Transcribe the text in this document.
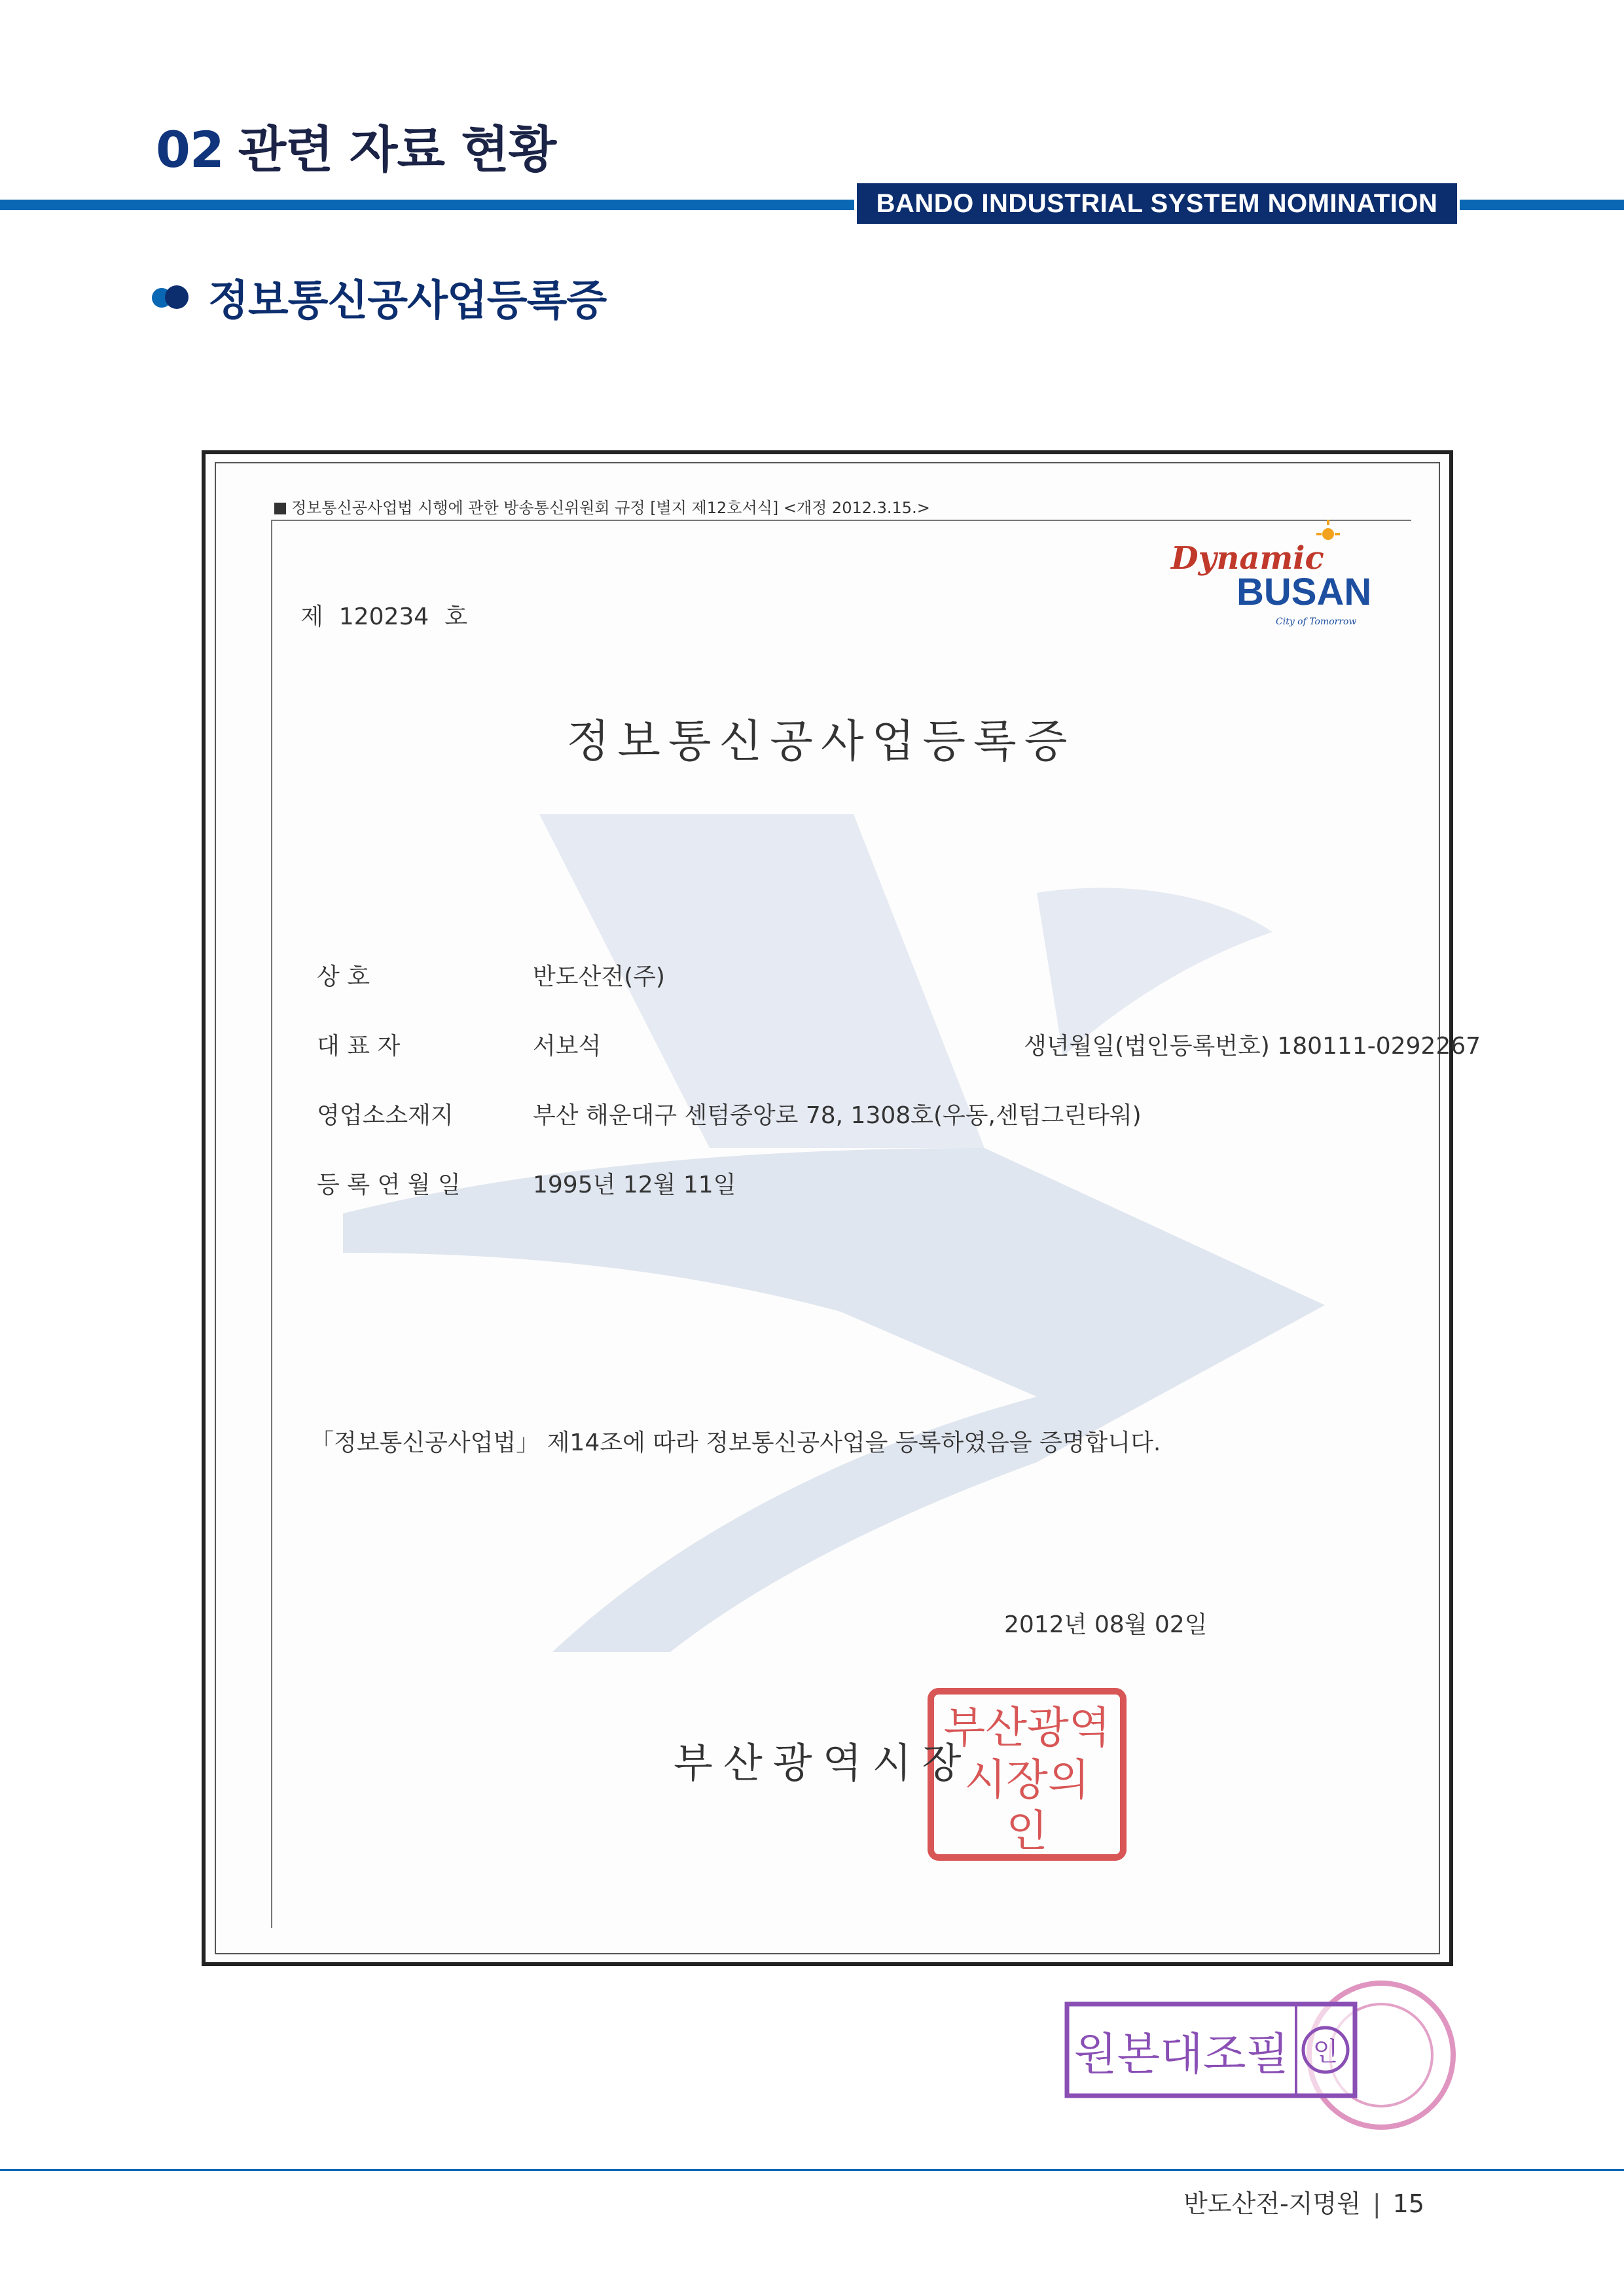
02 관련 자료 현황
BANDO INDUSTRIAL SYSTEM NOMINATION
정보통신공사업등록증
정보통신공사업법 시행에 관한 방송통신위원회 규정 [별지 제12호서식] <개정 2012.3.15.>
제 120234 호
Dynamic
BUSAN
City of Tomorrow
정보통신공사업등록증
상 호	반도산전(주)
대 표 자	서보석	생년월일(법인등록번호) 180111-0292267
영업소소재지	부산 해운대구 센텀중앙로 78, 1308호(우동,센텀그린타워)
등 록 연 월 일	1995년 12월 11일
「정보통신공사업법」 제14조에 따라 정보통신공사업을 등록하였음을 증명합니다.
2012년 08월 02일
부산광역
시장의
인
부산광역시장
원본대조필 인
반도산전-지명원 | 15
